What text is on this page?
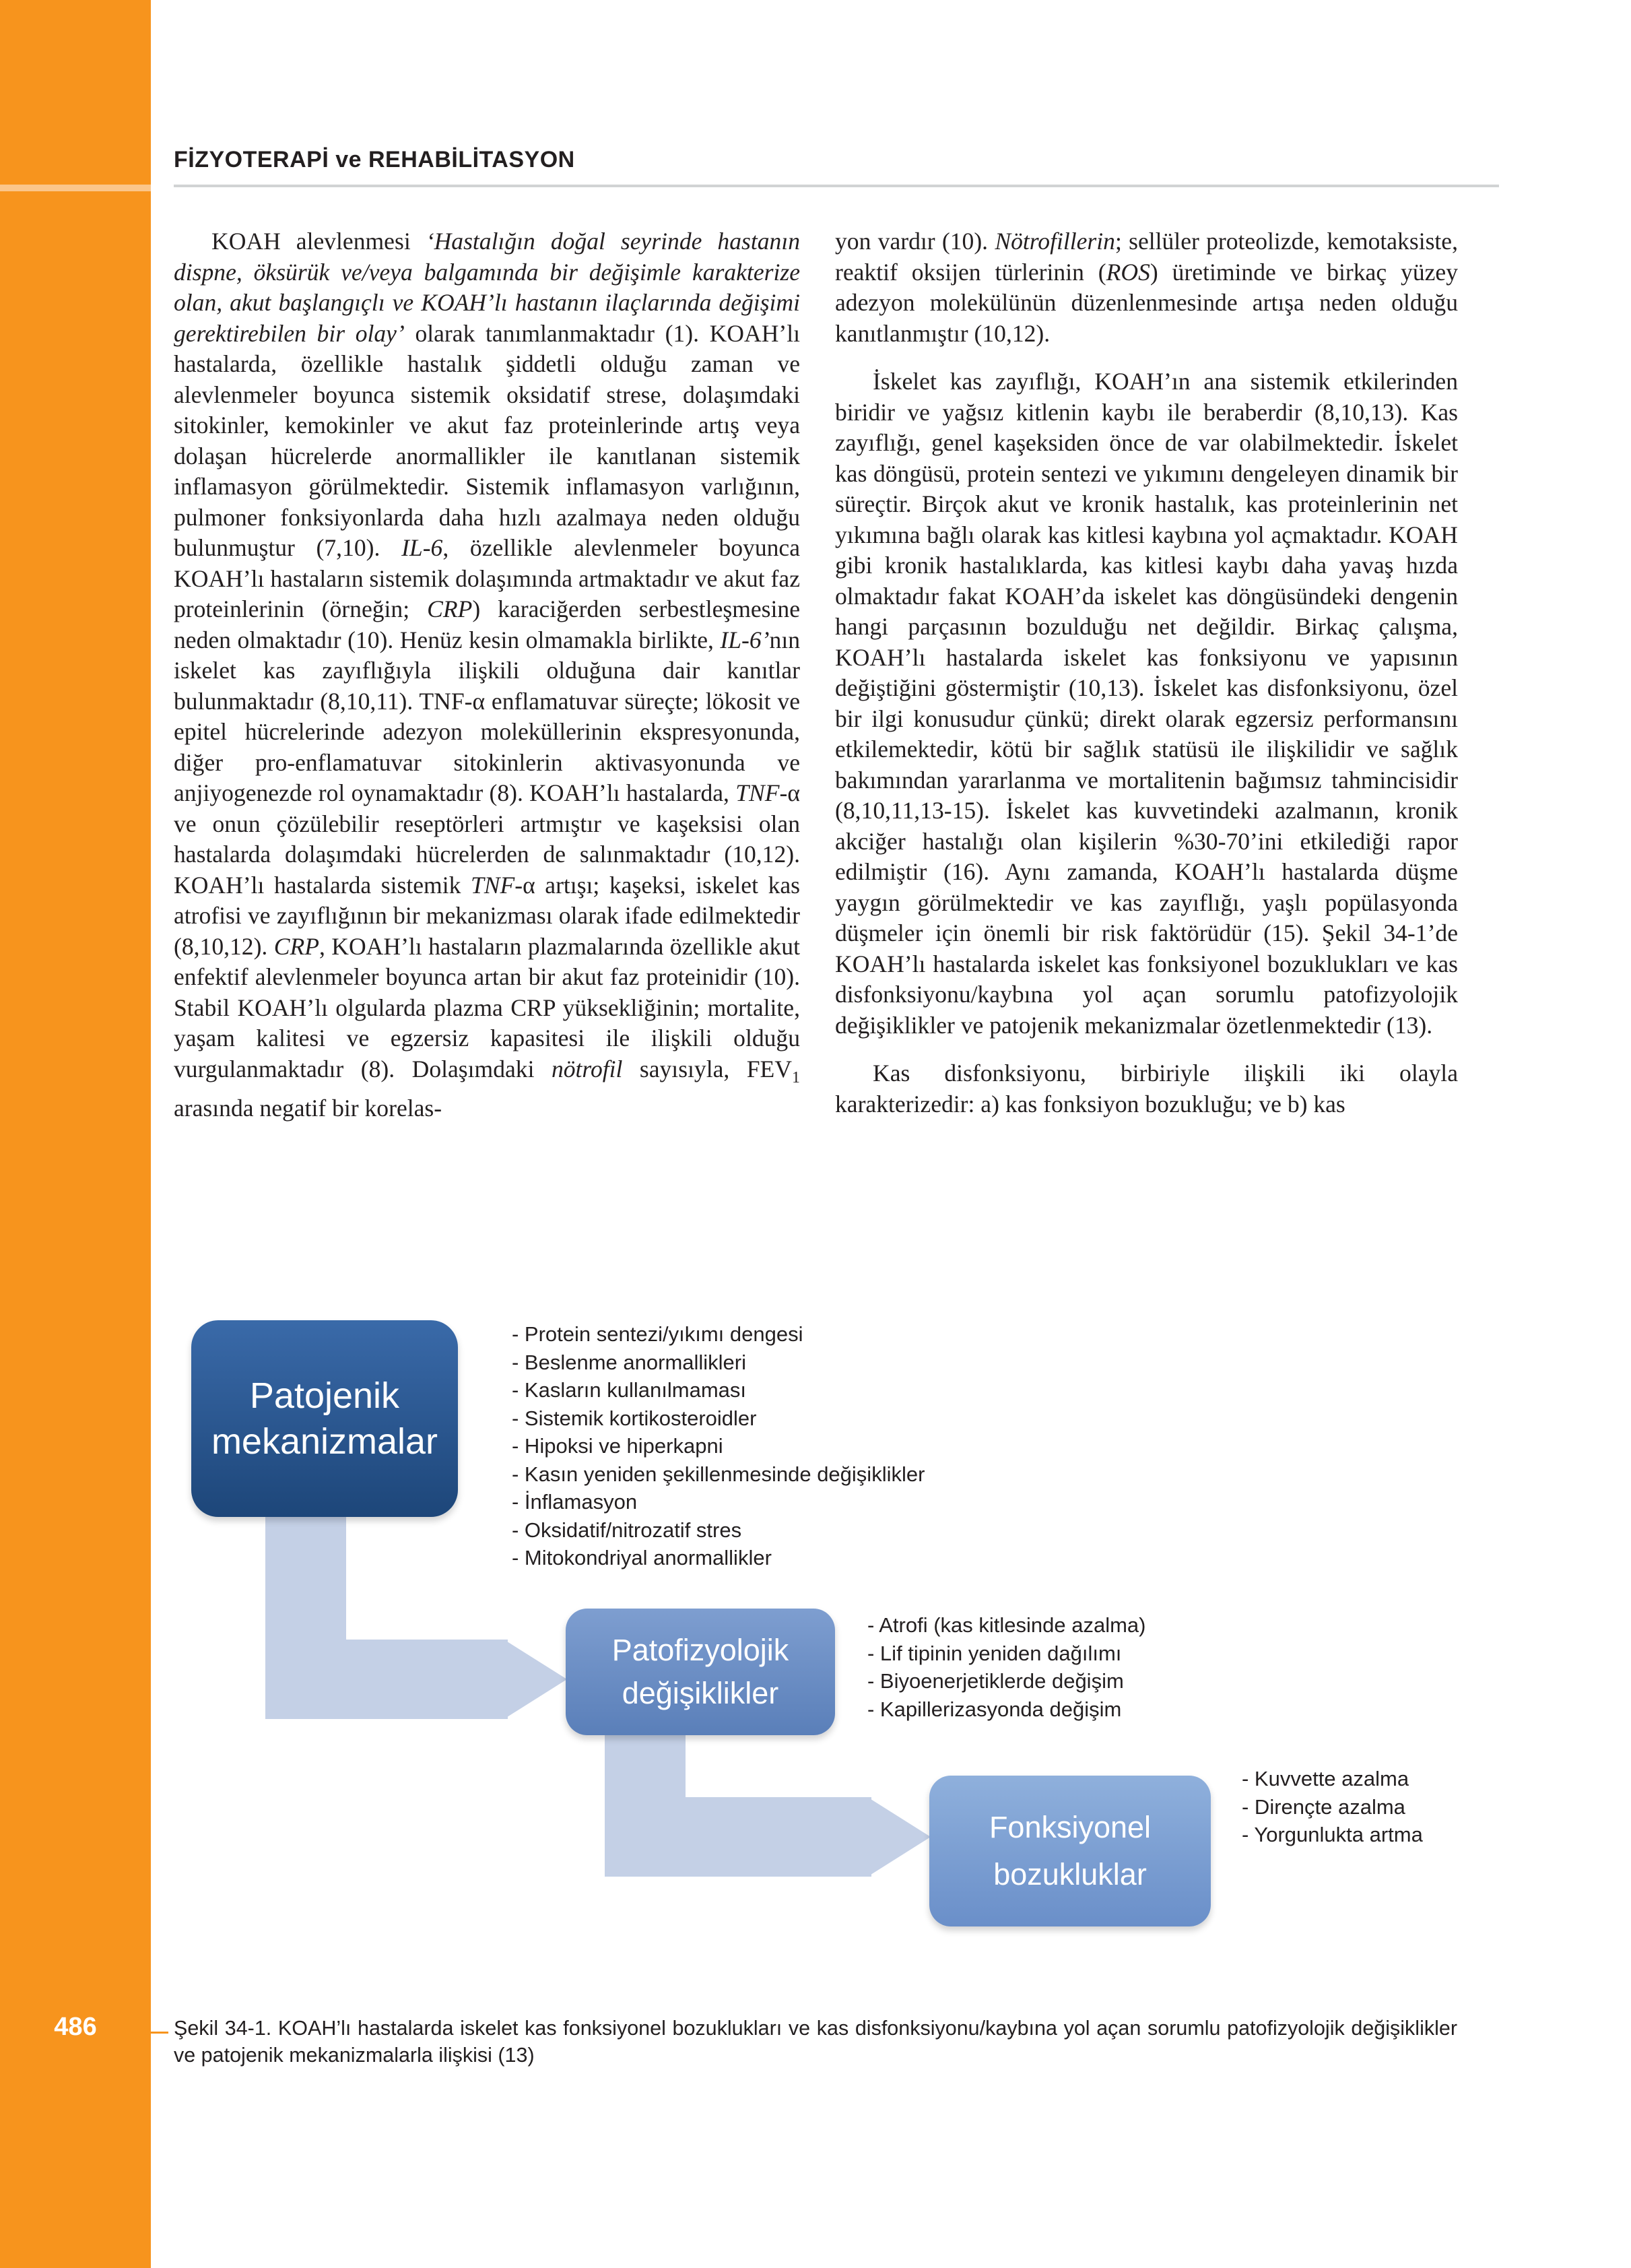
486
FİZYOTERAPİ ve REHABİLİTASYON

KOAH alevlenmesi ‘Hastalığın doğal seyrinde hastanın dispne, öksürük ve/veya balgamında bir değişimle karakterize olan, akut başlangıçlı ve KOAH’lı hastanın ilaçlarında değişimi gerektirebilen bir olay’ olarak tanımlanmaktadır (1). KOAH’lı hastalarda, özellikle hastalık şiddetli olduğu zaman ve alevlenmeler boyunca sistemik oksidatif strese, dolaşımdaki sitokinler, kemokinler ve akut faz proteinlerinde artış veya dolaşan hücrelerde anormallikler ile kanıtlanan sistemik inflamasyon görülmektedir. Sistemik inflamasyon varlığının, pulmoner fonksiyonlarda daha hızlı azalmaya neden olduğu bulunmuştur (7,10). IL-6, özellikle alevlenmeler boyunca KOAH’lı hastaların sistemik dolaşımında artmaktadır ve akut faz proteinlerinin (örneğin; CRP) karaciğerden serbestleşmesine neden olmaktadır (10). Henüz kesin olmamakla birlikte, IL-6’nın iskelet kas zayıflığıyla ilişkili olduğuna dair kanıtlar bulunmaktadır (8,10,11). TNF-α enflamatuvar süreçte; lökosit ve epitel hücrelerinde adezyon moleküllerinin ekspresyonunda, diğer pro-enflamatuvar sitokinlerin aktivasyonunda ve anjiyogenezde rol oynamaktadır (8). KOAH’lı hastalarda, TNF-α ve onun çözülebilir reseptörleri artmıştır ve kaşeksisi olan hastalarda dolaşımdaki hücrelerden de salınmaktadır (10,12). KOAH’lı hastalarda sistemik TNF-α artışı; kaşeksi, iskelet kas atrofisi ve zayıflığının bir mekanizması olarak ifade edilmektedir (8,10,12). CRP, KOAH’lı hastaların plazmalarında özellikle akut enfektif alevlenmeler boyunca artan bir akut faz proteinidir (10). Stabil KOAH’lı olgularda plazma CRP yüksekliğinin; mortalite, yaşam kalitesi ve egzersiz kapasitesi ile ilişkili olduğu vurgulanmaktadır (8). Dolaşımdaki nötrofil sayısıyla, $FEV_1$ arasında negatif bir korelas-

yon vardır (10). Nötrofillerin; sellüler proteolizde, kemotaksiste, reaktif oksijen türlerinin (ROS) üretiminde ve birkaç yüzey adezyon molekülünün düzenlenmesinde artışa neden olduğu kanıtlanmıştır (10,12).

İskelet kas zayıflığı, KOAH’ın ana sistemik etkilerinden biridir ve yağsız kitlenin kaybı ile beraberdir (8,10,13). Kas zayıflığı, genel kaşeksiden önce de var olabilmektedir. İskelet kas döngüsü, protein sentezi ve yıkımını dengeleyen dinamik bir süreçtir. Birçok akut ve kronik hastalık, kas proteinlerinin net yıkımına bağlı olarak kas kitlesi kaybına yol açmaktadır. KOAH gibi kronik hastalıklarda, kas kitlesi kaybı daha yavaş hızda olmaktadır fakat KOAH’da iskelet kas döngüsündeki dengenin hangi parçasının bozulduğu net değildir. Birkaç çalışma, KOAH’lı hastalarda iskelet kas fonksiyonu ve yapısının değiştiğini göstermiştir (10,13). İskelet kas disfonksiyonu, özel bir ilgi konusudur çünkü; direkt olarak egzersiz performansını etkilemektedir, kötü bir sağlık statüsü ile ilişkilidir ve sağlık bakımından yararlanma ve mortalitenin bağımsız tahmincisidir (8,10,11,13-15). İskelet kas kuvvetindeki azalmanın, kronik akciğer hastalığı olan kişilerin %30-70’ini etkilediği rapor edilmiştir (16). Aynı zamanda, KOAH’lı hastalarda düşme yaygın görülmektedir ve kas zayıflığı, yaşlı popülasyonda düşmeler için önemli bir risk faktörüdür (15). Şekil 34-1’de KOAH’lı hastalarda iskelet kas fonksiyonel bozuklukları ve kas disfonksiyonu/kaybına yol açan sorumlu patofizyolojik değişiklikler ve patojenik mekanizmalar özetlenmektedir (13).

Kas disfonksiyonu, birbiriyle ilişkili iki olayla karakterizedir: a) kas fonksiyon bozukluğu; ve b) kas

Patojenik
mekanizmalar
Patofizyolojik
değişiklikler
Fonksiyonel
bozukluklar
- Protein sentezi/yıkımı dengesi
- Beslenme anormallikleri
- Kasların kullanılmaması
- Sistemik kortikosteroidler
- Hipoksi ve hiperkapni
- Kasın yeniden şekillenmesinde değişiklikler
- İnflamasyon
- Oksidatif/nitrozatif stres
- Mitokondriyal anormallikler
- Atrofi (kas kitlesinde azalma)
- Lif tipinin yeniden dağılımı
- Biyoenerjetiklerde değişim
- Kapillerizasyonda değişim
- Kuvvette azalma
- Dirençte azalma
- Yorgunlukta artma
Şekil 34-1. KOAH’lı hastalarda iskelet kas fonksiyonel bozuklukları ve kas disfonksiyonu/kaybına yol açan sorumlu patofizyolojik değişiklikler ve patojenik mekanizmalarla ilişkisi (13)
